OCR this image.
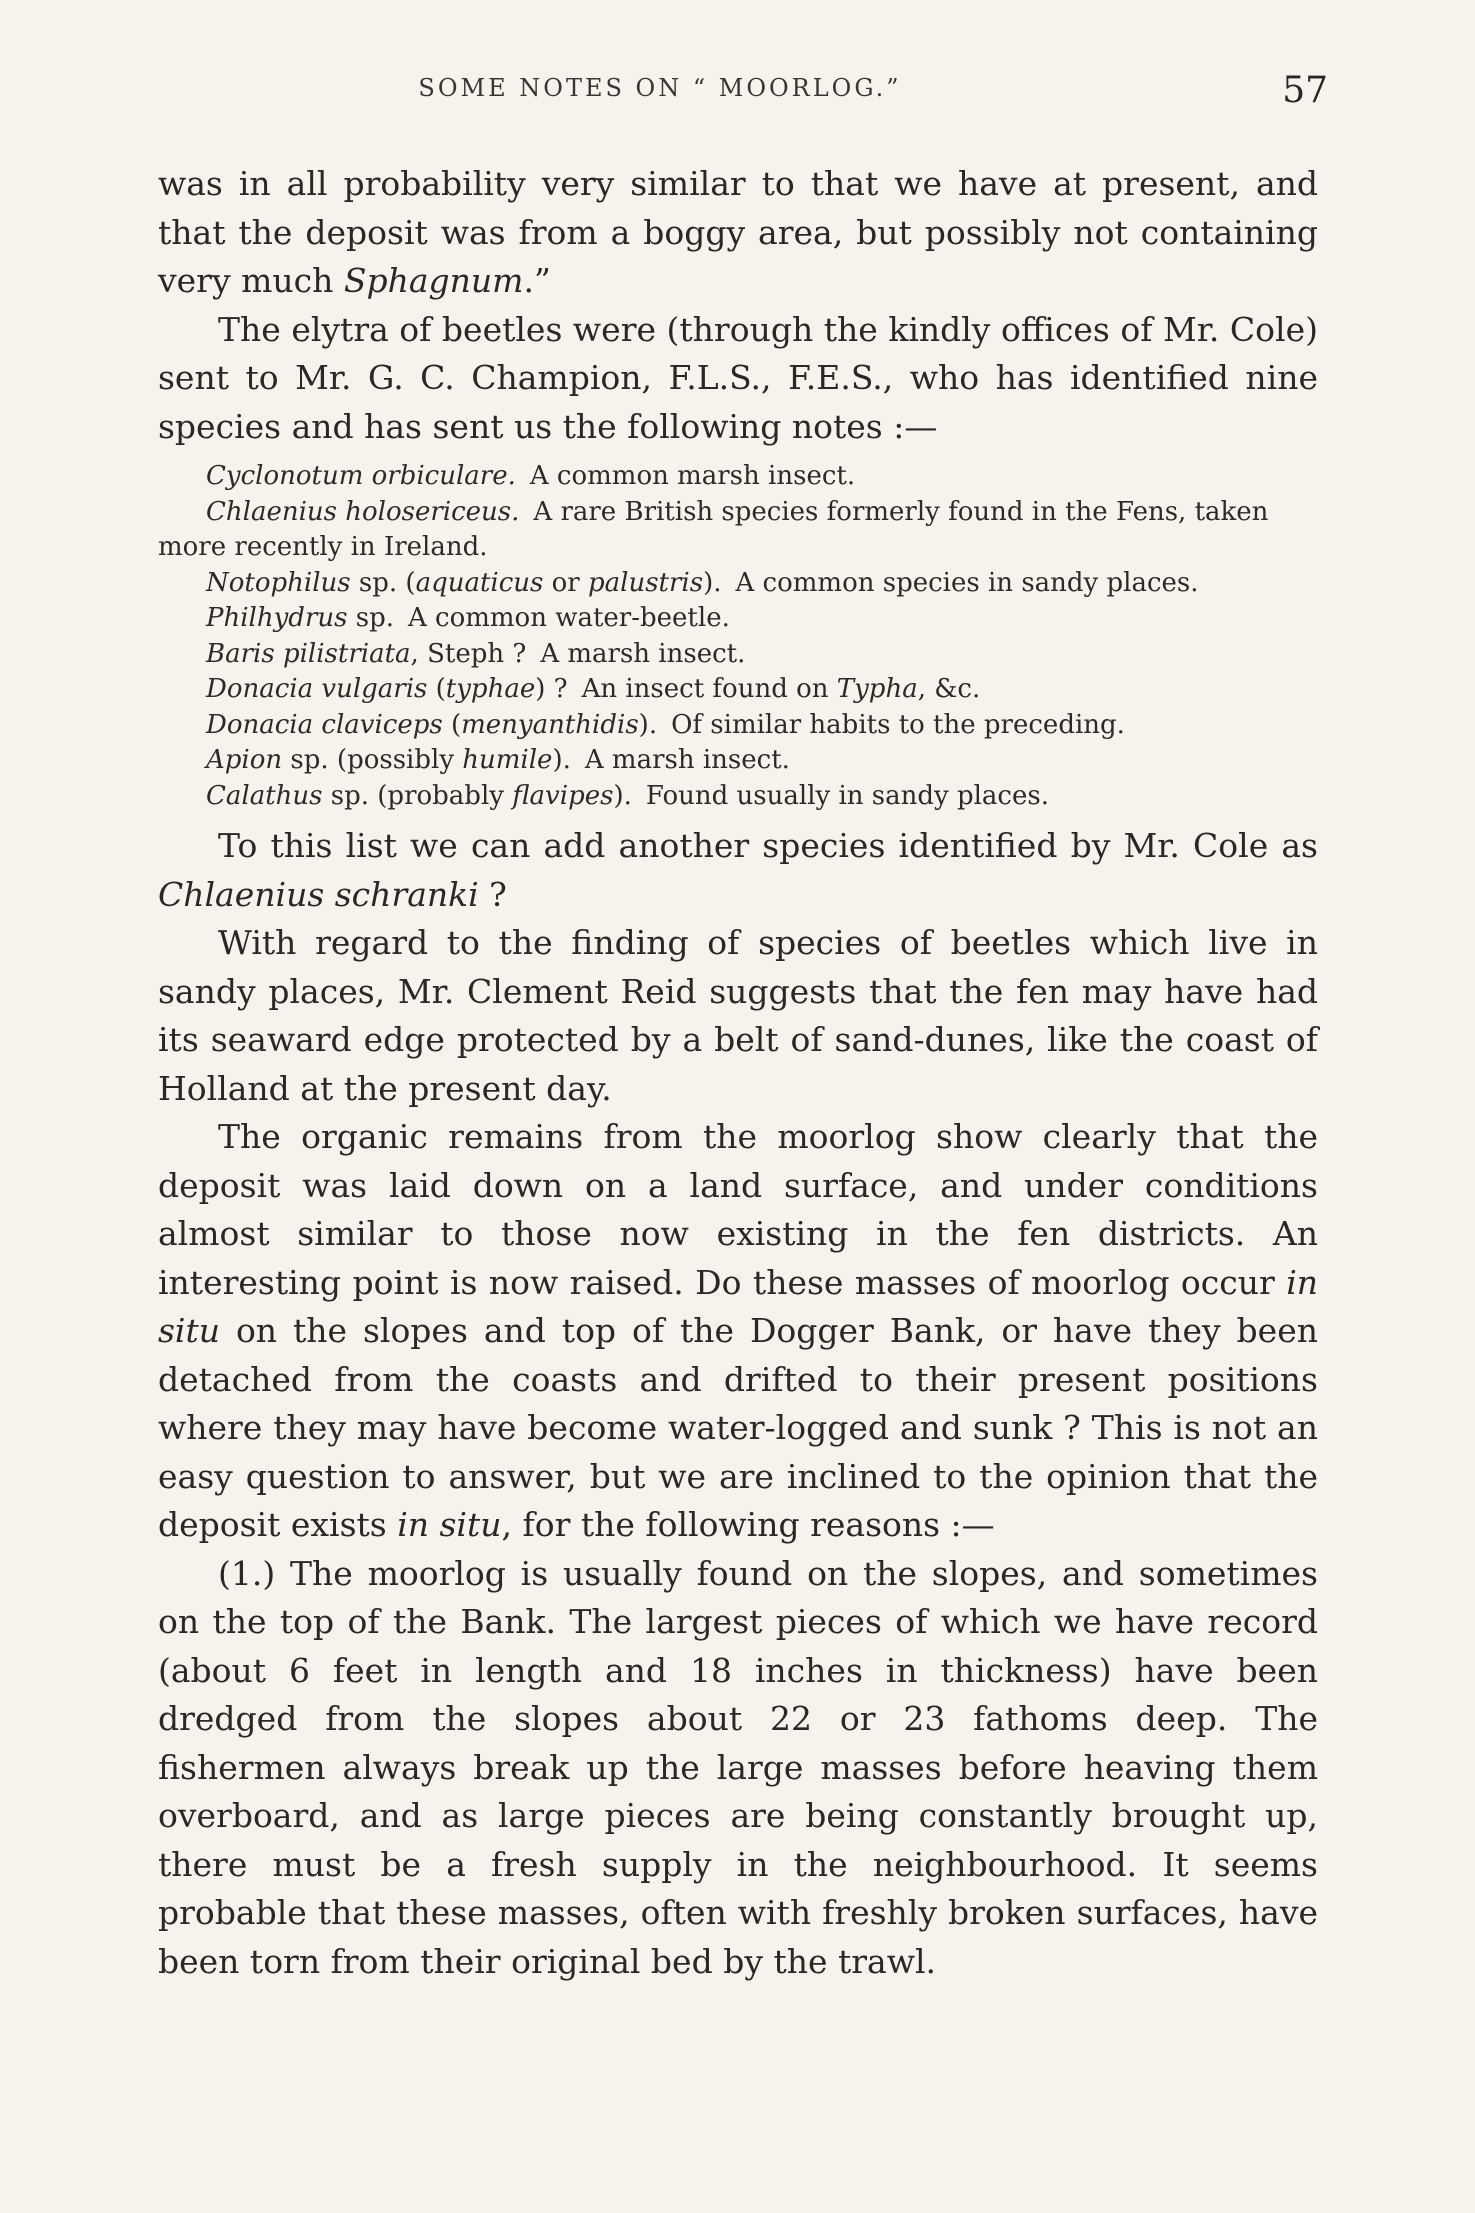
SOME NOTES ON “ MOORLOG.”	57

was in all probability very similar to that we have at present, and that the deposit was from a boggy area, but possibly not containing very much Sphagnum.”

The elytra of beetles were (through the kindly offices of Mr. Cole) sent to Mr. G. C. Champion, F.L.S., F.E.S., who has identified nine species and has sent us the following notes :—

Cyclonotum orbiculare. A common marsh insect.

Chlaenius holosericeus. A rare British species formerly found in the Fens, taken more recently in Ireland.

Notophilus sp. (aquaticus or palustris). A common species in sandy places.

Philhydrus sp. A common water-beetle.

Baris pilistriata, Steph ? A marsh insect.

Donacia vulgaris (typhae) ? An insect found on Typha, &c.

Donacia claviceps (menyanthidis). Of similar habits to the preceding.

Apion sp. (possibly humile). A marsh insect.

Calathus sp. (probably flavipes). Found usually in sandy places.

To this list we can add another species identified by Mr. Cole as Chlaenius schranki ?

With regard to the finding of species of beetles which live in sandy places, Mr. Clement Reid suggests that the fen may have had its seaward edge protected by a belt of sand-dunes, like the coast of Holland at the present day.

The organic remains from the moorlog show clearly that the deposit was laid down on a land surface, and under conditions almost similar to those now existing in the fen districts. An interesting point is now raised. Do these masses of moorlog occur in situ on the slopes and top of the Dogger Bank, or have they been detached from the coasts and drifted to their present positions where they may have become water-logged and sunk ? This is not an easy question to answer, but we are inclined to the opinion that the deposit exists in situ, for the following reasons :—

(1.) The moorlog is usually found on the slopes, and sometimes on the top of the Bank. The largest pieces of which we have record (about 6 feet in length and 18 inches in thickness) have been dredged from the slopes about 22 or 23 fathoms deep. The fishermen always break up the large masses before heaving them overboard, and as large pieces are being constantly brought up, there must be a fresh supply in the neighbourhood. It seems probable that these masses, often with freshly broken surfaces, have been torn from their original bed by the trawl.
